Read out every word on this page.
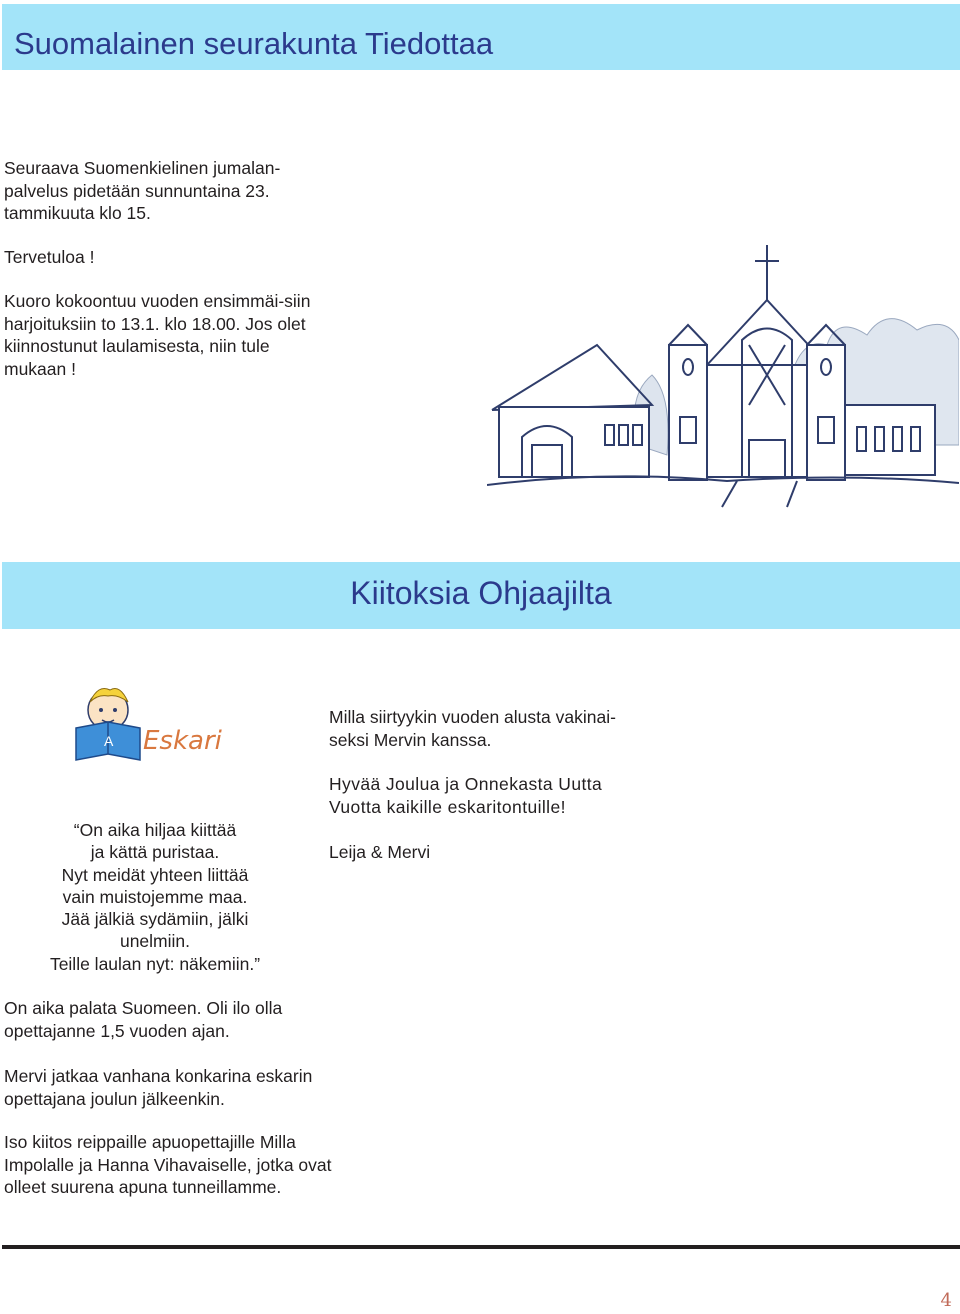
Suomalainen seurakunta Tiedottaa

Seuraava Suomenkielinen jumalan-palvelus pidetään sunnuntaina 23. tammikuuta klo 15.

Tervetuloa !

Kuoro kokoontuu vuoden ensimmäi-siin harjoituksiin to 13.1. klo 18.00. Jos olet kiinnostunut laulamisesta, niin tule mukaan !

Kiitoksia Ohjaajilta
A Eskari
“On aika hiljaa kiittää
ja kättä puristaa.
Nyt meidät yhteen liittää
vain muistojemme maa.
Jää jälkiä sydämiin, jälki
unelmiin.
Teille laulan nyt: näkemiin.”

On aika palata Suomeen. Oli ilo olla opettajanne 1,5 vuoden ajan.

Mervi jatkaa vanhana konkarina eskarin opettajana joulun jälkeenkin.

Iso kiitos reippaille apuopettajille Milla Impolalle ja Hanna Vihavaiselle, jotka ovat olleet suurena apuna tunneillamme.

Milla siirtyykin vuoden alusta vakinai-seksi Mervin kanssa.

Hyvää Joulua ja Onnekasta Uutta Vuotta kaikille eskaritontuille!

Leija & Mervi

4
